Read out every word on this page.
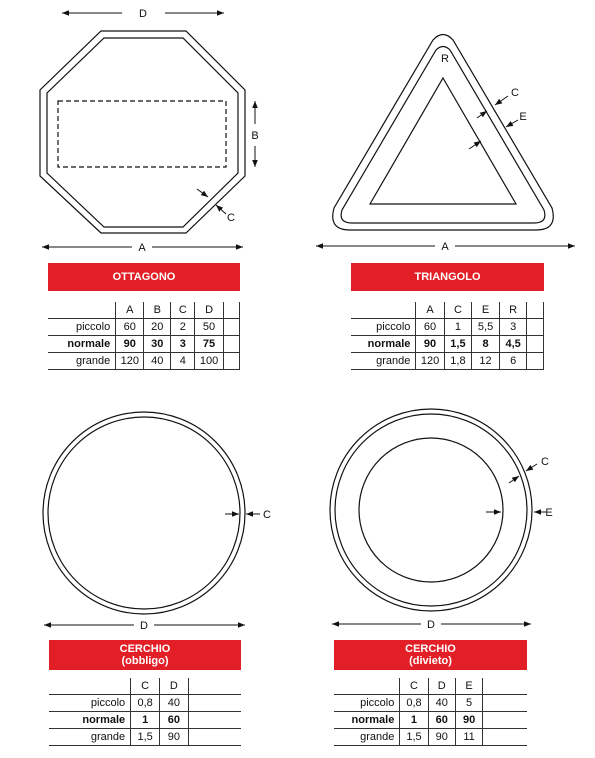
D
B
C
A
R
C
E
A
C
D
C
E
D
OTTAGONO
	A	B	C	D	
piccolo	60	20	2	50	
normale	90	30	3	75	
grande	120	40	4	100	
TRIANGOLO
	A	C	E	R	
piccolo	60	1	5,5	3	
normale	90	1,5	8	4,5	
grande	120	1,8	12	6	
CERCHIO
(obbligo)
	C	D	
piccolo	0,8	40	
normale	1	60	
grande	1,5	90	
CERCHIO
(divieto)
	C	D	E	
piccolo	0,8	40	5	
normale	1	60	90	
grande	1,5	90	11	
